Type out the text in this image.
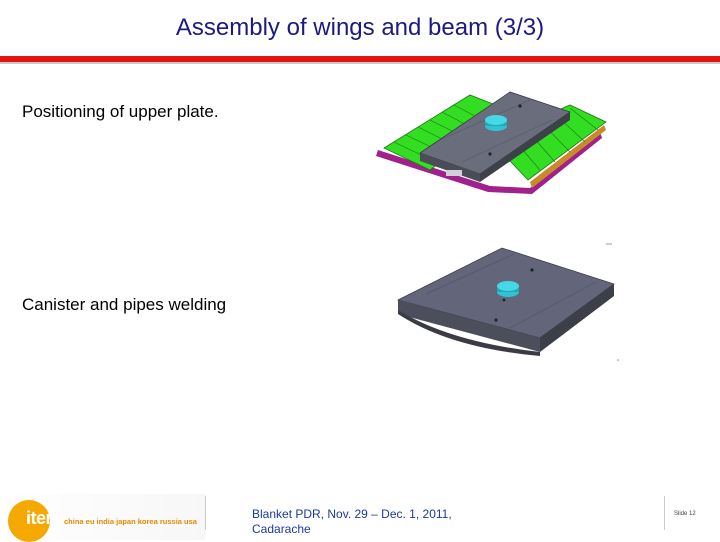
Assembly of wings and beam (3/3)
Positioning of upper plate.
Canister and pipes welding
iter china eu india japan korea russia usa
Blanket PDR, Nov. 29 – Dec. 1, 2011, Cadarache
Slide 12
